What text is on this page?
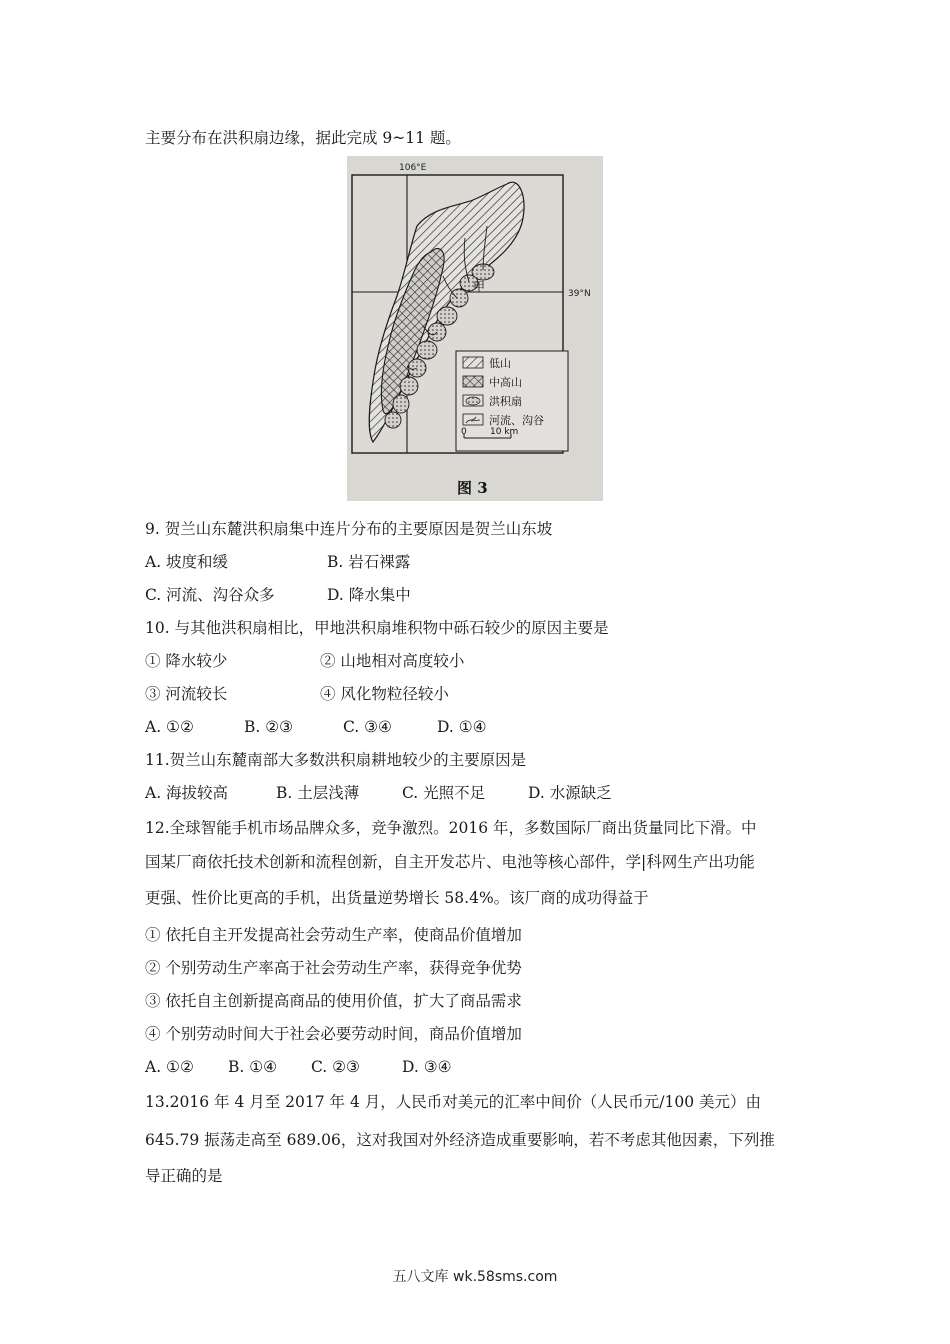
主要分布在洪积扇边缘，据此完成 9~11 题。
106°E
39°N
甲
低山
中高山
洪积扇
河流、沟谷
0	10 km
图 3
9. 贺兰山东麓洪积扇集中连片分布的主要原因是贺兰山东坡
A. 坡度和缓	B. 岩石裸露
C. 河流、沟谷众多	D. 降水集中
10. 与其他洪积扇相比，甲地洪积扇堆积物中砾石较少的原因主要是
① 降水较少	② 山地相对高度较小
③ 河流较长	④ 风化物粒径较小
A. ①②	B. ②③	C. ③④	D. ①④
11.贺兰山东麓南部大多数洪积扇耕地较少的主要原因是
A. 海拔较高	B. 土层浅薄	C. 光照不足	D. 水源缺乏
12.全球智能手机市场品牌众多，竞争激烈。2016 年，多数国际厂商出货量同比下滑。中
国某厂商依托技术创新和流程创新，自主开发芯片、电池等核心部件，学|科网生产出功能
更强、性价比更高的手机，出货量逆势增长 58.4%。该厂商的成功得益于
① 依托自主开发提高社会劳动生产率，使商品价值增加
② 个别劳动生产率高于社会劳动生产率，获得竞争优势
③ 依托自主创新提高商品的使用价值，扩大了商品需求
④ 个别劳动时间大于社会必要劳动时间，商品价值增加
A. ①② B. ①④ C. ②③	D. ③④
13.2016 年 4 月至 2017 年 4 月，人民币对美元的汇率中间价（人民币元/100 美元）由
645.79 振荡走高至 689.06，这对我国对外经济造成重要影响，若不考虑其他因素，下列推
导正确的是
五八文库 wk.58sms.com
